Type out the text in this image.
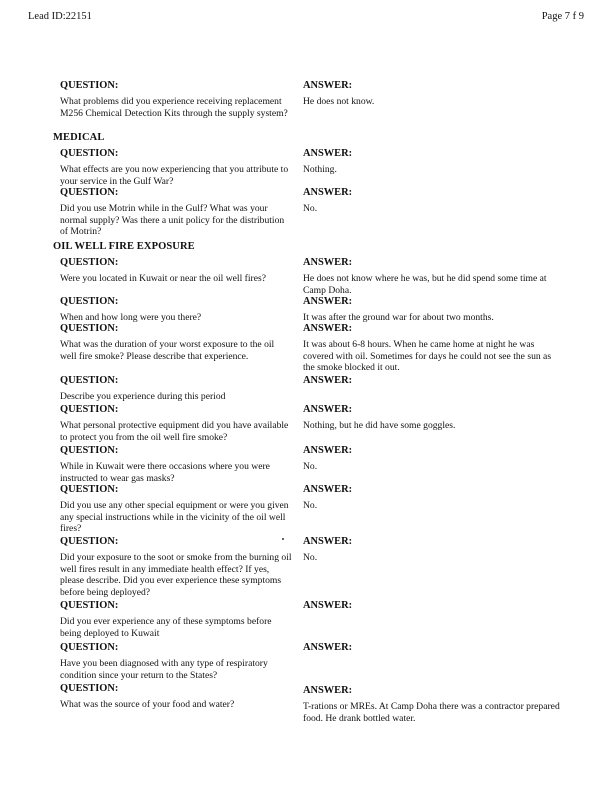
Lead ID:22151	Page 7 f 9
QUESTION:
What problems did you experience receiving replacement M256 Chemical Detection Kits through the supply system?
ANSWER:
He does not know.
MEDICAL
QUESTION:
What effects are you now experiencing that you attribute to your service in the Gulf War?
ANSWER:
Nothing.
QUESTION:
Did you use Motrin while in the Gulf? What was your normal supply? Was there a unit policy for the distribution of Motrin?
ANSWER:
No.
OIL WELL FIRE EXPOSURE
QUESTION:
Were you located in Kuwait or near the oil well fires?
ANSWER:
He does not know where he was, but he did spend some time at Camp Doha.
QUESTION:
When and how long were you there?
ANSWER:
It was after the ground war for about two months.
QUESTION:
What was the duration of your worst exposure to the oil well fire smoke? Please describe that experience.
ANSWER:
It was about 6-8 hours. When he came home at night he was covered with oil. Sometimes for days he could not see the sun as the smoke blocked it out.
QUESTION:
Describe you experience during this period
ANSWER:
QUESTION:
What personal protective equipment did you have available to protect you from the oil well fire smoke?
ANSWER:
Nothing, but he did have some goggles.
QUESTION:
While in Kuwait were there occasions where you were instructed to wear gas masks?
ANSWER:
No.
QUESTION:
Did you use any other special equipment or were you given any special instructions while in the vicinity of the oil well fires?
ANSWER:
No.
QUESTION:
Did your exposure to the soot or smoke from the burning oil well fires result in any immediate health effect? If yes, please describe. Did you ever experience these symptoms before being deployed?
ANSWER:
No.
QUESTION:
Did you ever experience any of these symptoms before being deployed to Kuwait
ANSWER:
QUESTION:
Have you been diagnosed with any type of respiratory condition since your return to the States?
ANSWER:
QUESTION:
What was the source of your food and water?
ANSWER:
T-rations or MREs. At Camp Doha there was a contractor prepared food. He drank bottled water.
